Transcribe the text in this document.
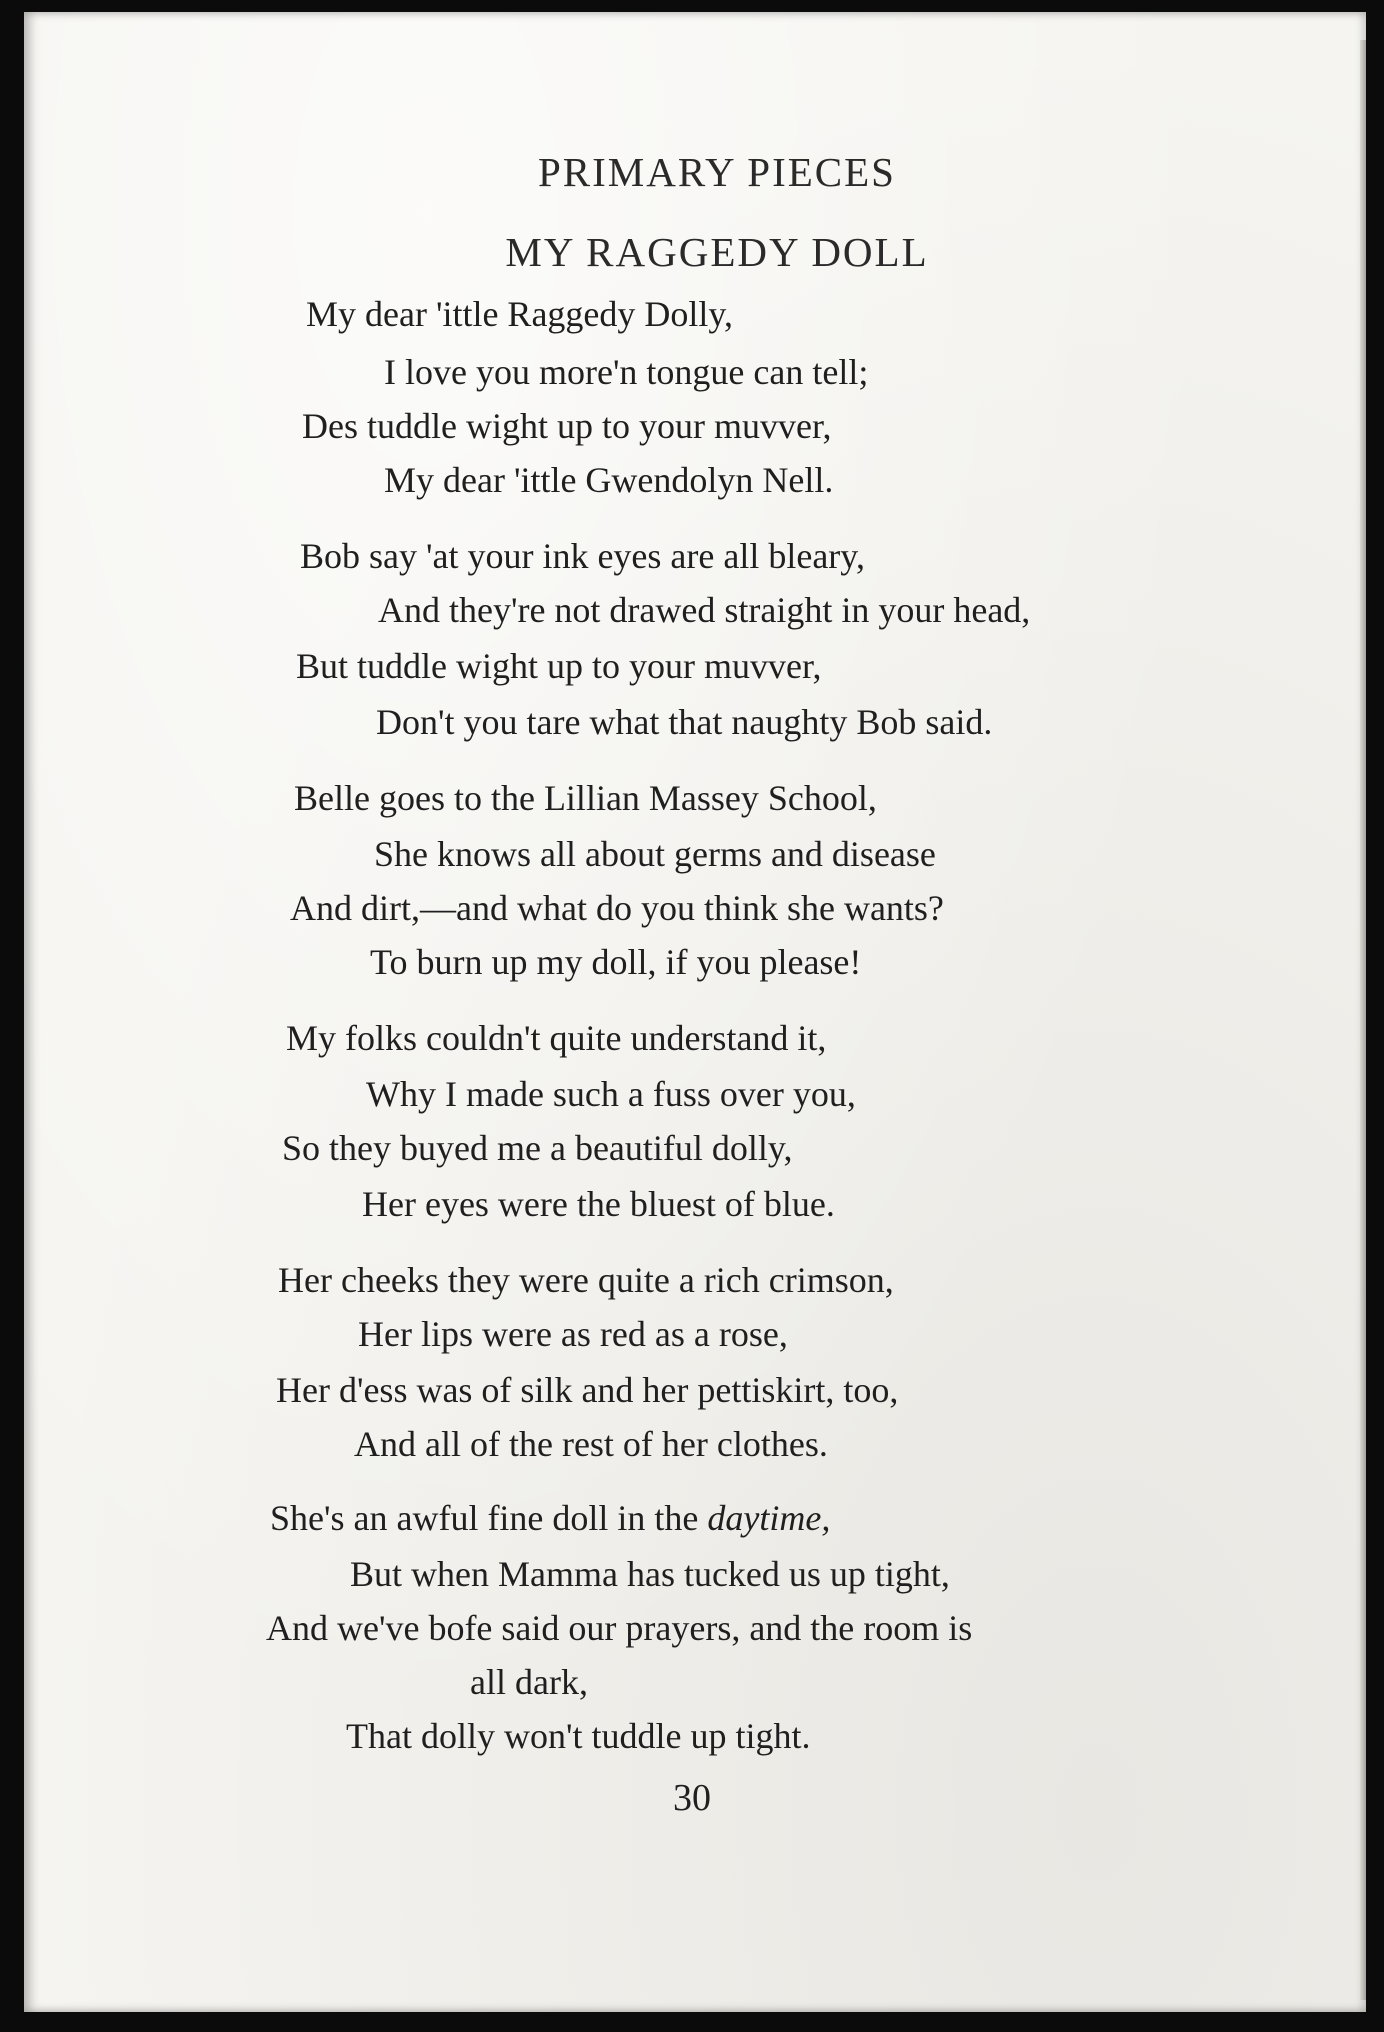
PRIMARY PIECES
MY RAGGEDY DOLL
My dear 'ittle Raggedy Dolly,
I love you more'n tongue can tell;
Des tuddle wight up to your muvver,
My dear 'ittle Gwendolyn Nell.
Bob say 'at your ink eyes are all bleary,
And they're not drawed straight in your head,
But tuddle wight up to your muvver,
Don't you tare what that naughty Bob said.
Belle goes to the Lillian Massey School,
She knows all about germs and disease
And dirt,—and what do you think she wants?
To burn up my doll, if you please!
My folks couldn't quite understand it,
Why I made such a fuss over you,
So they buyed me a beautiful dolly,
Her eyes were the bluest of blue.
Her cheeks they were quite a rich crimson,
Her lips were as red as a rose,
Her d'ess was of silk and her pettiskirt, too,
And all of the rest of her clothes.
She's an awful fine doll in the daytime,
But when Mamma has tucked us up tight,
And we've bofe said our prayers, and the room is
all dark,
That dolly won't tuddle up tight.
30
